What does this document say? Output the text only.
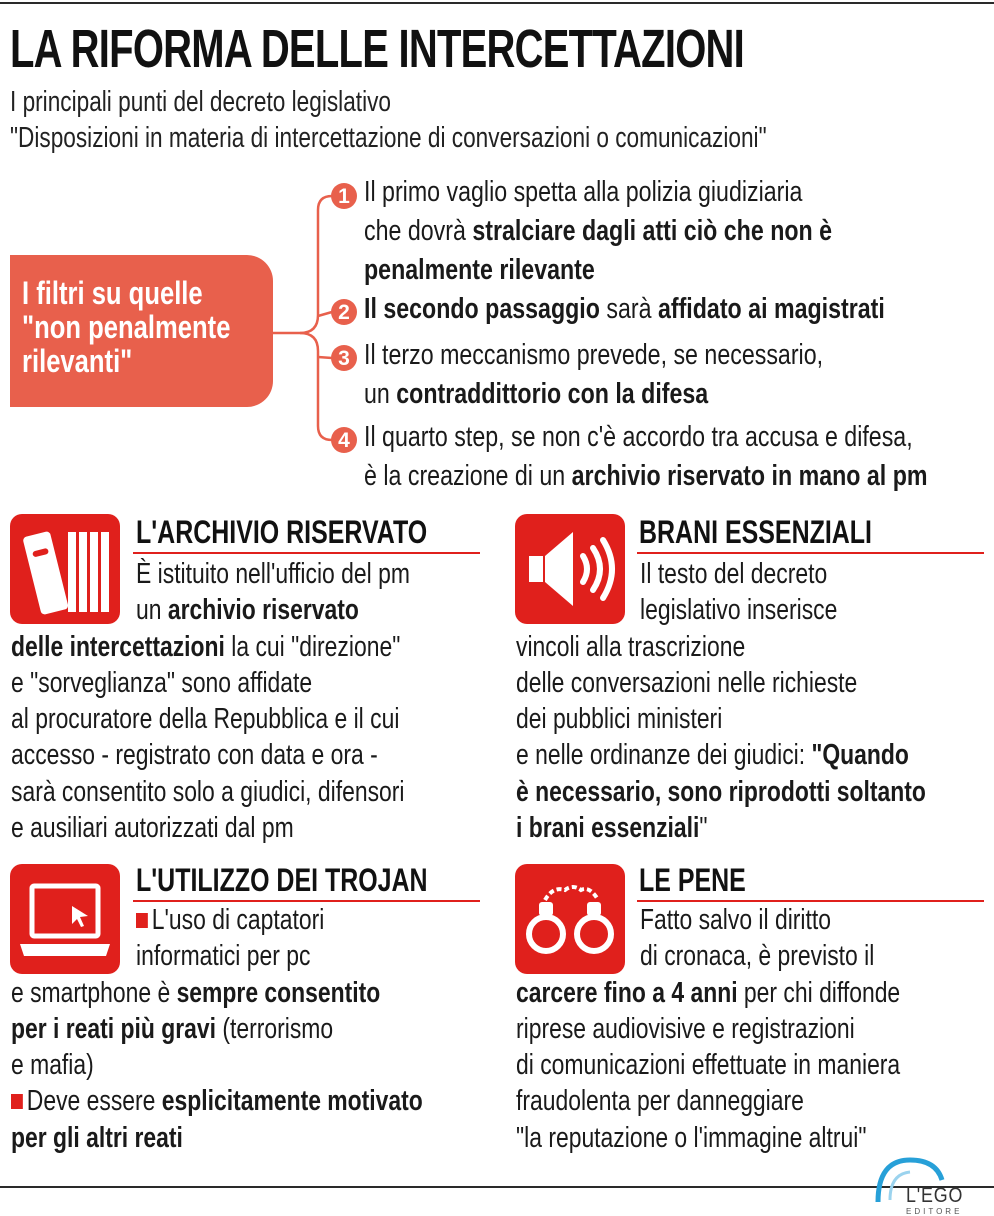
LA RIFORMA DELLE INTERCETTAZIONI
I principali punti del decreto legislativo
"Disposizioni in materia di intercettazione di conversazioni o comunicazioni"
I filtri su quelle
"non penalmente
rilevanti"
1
2
3
4
Il primo vaglio spetta alla polizia giudiziaria
che dovrà stralciare dagli atti ciò che non è
penalmente rilevante
Il secondo passaggio sarà affidato ai magistrati
Il terzo meccanismo prevede, se necessario,
un contraddittorio con la difesa
Il quarto step, se non c'è accordo tra accusa e difesa,
è la creazione di un archivio riservato in mano al pm
L'ARCHIVIO RISERVATO
È istituito nell'ufficio del pm
un archivio riservato
delle intercettazioni la cui "direzione"
e "sorveglianza" sono affidate
al procuratore della Repubblica e il cui
accesso - registrato con data e ora -
sarà consentito solo a giudici, difensori
e ausiliari autorizzati dal pm
BRANI ESSENZIALI
Il testo del decreto
legislativo inserisce
vincoli alla trascrizione
delle conversazioni nelle richieste
dei pubblici ministeri
e nelle ordinanze dei giudici: "Quando
è necessario, sono riprodotti soltanto
i brani essenziali"
L'UTILIZZO DEI TROJAN
L'uso di captatori
informatici per pc
e smartphone è sempre consentito
per i reati più gravi (terrorismo
e mafia)
Deve essere esplicitamente motivato
per gli altri reati
LE PENE
Fatto salvo il diritto
di cronaca, è previsto il
carcere fino a 4 anni per chi diffonde
riprese audiovisive e registrazioni
di comunicazioni effettuate in maniera
fraudolenta per danneggiare
"la reputazione o l'immagine altrui"
L'EGO
EDITORE
